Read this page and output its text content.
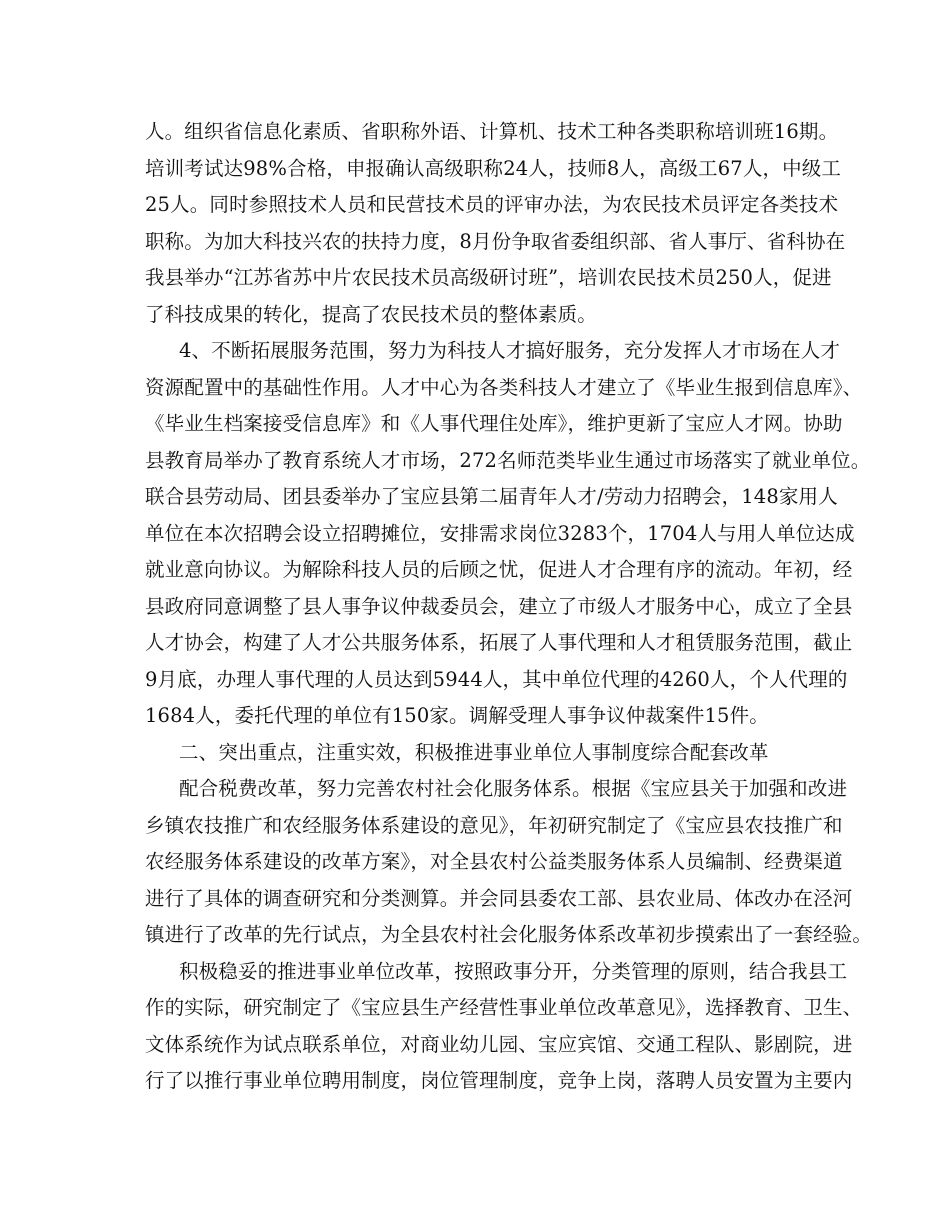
人。组织省信息化素质、省职称外语、计算机、技术工种各类职称培训班16期。
培训考试达98%合格，申报确认高级职称24人，技师8人，高级工67人，中级工
25人。同时参照技术人员和民营技术员的评审办法，为农民技术员评定各类技术
职称。为加大科技兴农的扶持力度，8月份争取省委组织部、省人事厅、省科协在
我县举办“江苏省苏中片农民技术员高级研讨班”，培训农民技术员250人，促进
了科技成果的转化，提高了农民技术员的整体素质。
4、不断拓展服务范围，努力为科技人才搞好服务，充分发挥人才市场在人才
资源配置中的基础性作用。人才中心为各类科技人才建立了《毕业生报到信息库》、
《毕业生档案接受信息库》和《人事代理住处库》，维护更新了宝应人才网。协助
县教育局举办了教育系统人才市场，272名师范类毕业生通过市场落实了就业单位。
联合县劳动局、团县委举办了宝应县第二届青年人才/劳动力招聘会，148家用人
单位在本次招聘会设立招聘摊位，安排需求岗位3283个，1704人与用人单位达成
就业意向协议。为解除科技人员的后顾之忧，促进人才合理有序的流动。年初，经
县政府同意调整了县人事争议仲裁委员会，建立了市级人才服务中心，成立了全县
人才协会，构建了人才公共服务体系，拓展了人事代理和人才租赁服务范围，截止
9月底，办理人事代理的人员达到5944人，其中单位代理的4260人，个人代理的
1684人，委托代理的单位有150家。调解受理人事争议仲裁案件15件。
二、突出重点，注重实效，积极推进事业单位人事制度综合配套改革
配合税费改革，努力完善农村社会化服务体系。根据《宝应县关于加强和改进
乡镇农技推广和农经服务体系建设的意见》，年初研究制定了《宝应县农技推广和
农经服务体系建设的改革方案》，对全县农村公益类服务体系人员编制、经费渠道
进行了具体的调查研究和分类测算。并会同县委农工部、县农业局、体改办在泾河
镇进行了改革的先行试点，为全县农村社会化服务体系改革初步摸索出了一套经验。
积极稳妥的推进事业单位改革，按照政事分开，分类管理的原则，结合我县工
作的实际，研究制定了《宝应县生产经营性事业单位改革意见》，选择教育、卫生、
文体系统作为试点联系单位，对商业幼儿园、宝应宾馆、交通工程队、影剧院，进
行了以推行事业单位聘用制度，岗位管理制度，竞争上岗，落聘人员安置为主要内
